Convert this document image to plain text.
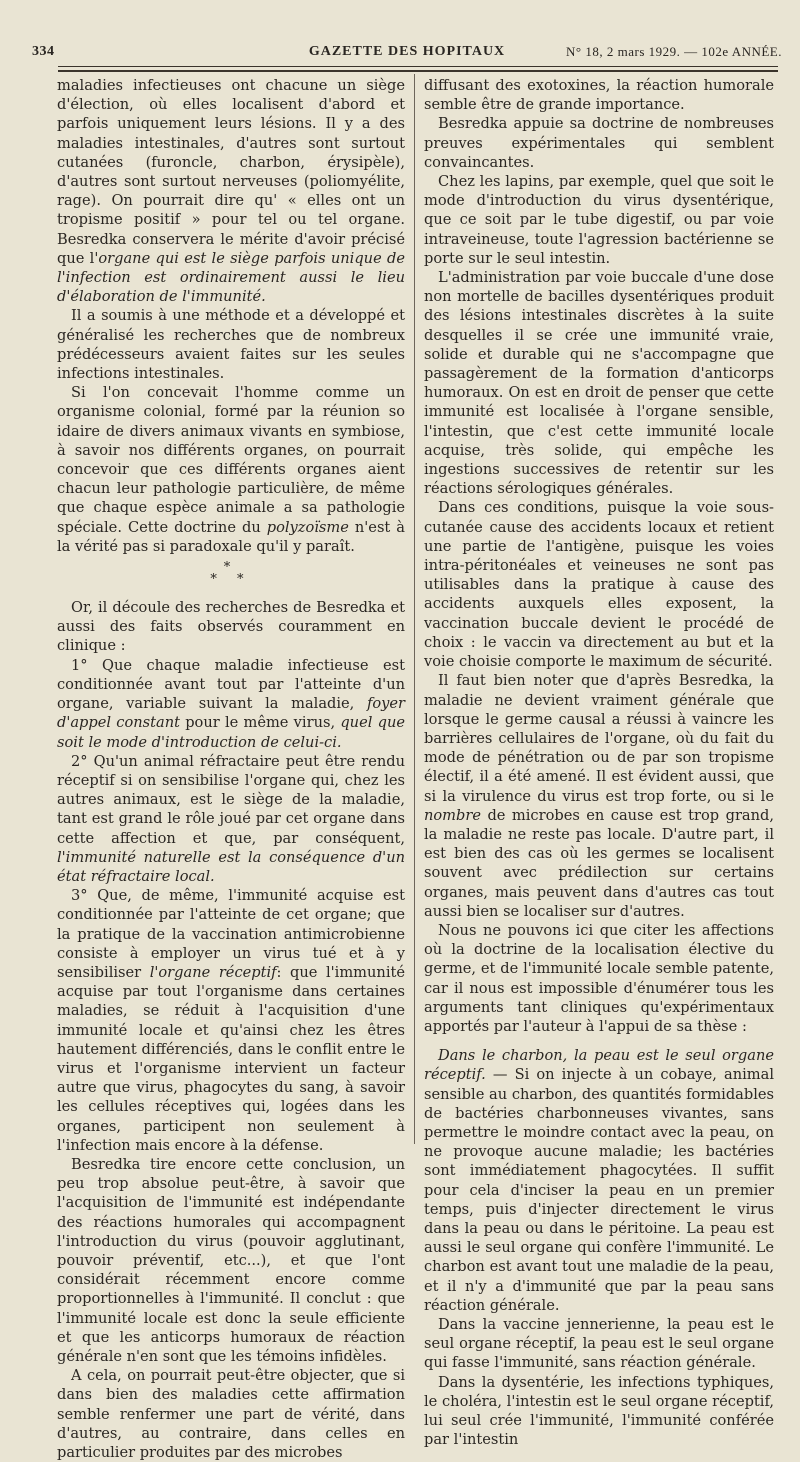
334	GAZETTE DES HOPITAUX	N° 18, 2 mars 1929. — 102e ANNÉE.

maladies infectieuses ont chacune un siège d'élection, où elles localisent d'abord et parfois uniquement leurs lésions. Il y a des maladies intestinales, d'autres sont surtout cutanées (furoncle, charbon, érysipèle), d'autres sont surtout nerveuses (poliomyélite, rage). On pourrait dire qu' « elles ont un tropisme positif » pour tel ou tel organe. Besredka conservera le mérite d'avoir précisé que l'organe qui est le siège parfois unique de l'infection est ordinairement aussi le lieu d'élaboration de l'immunité.

Il a soumis à une méthode et a développé et généralisé les recherches que de nombreux prédécesseurs avaient faites sur les seules infections intestinales.

Si l'on concevait l'homme comme un organisme colonial, formé par la réunion so idaire de divers animaux vivants en symbiose, à savoir nos différents organes, on pourrait concevoir que ces différents organes aient chacun leur pathologie particulière, de même que chaque espèce animale a sa pathologie spéciale. Cette doctrine du polyzoïsme n'est à la vérité pas si paradoxale qu'il y paraît.

*
* *

Or, il découle des recherches de Besredka et aussi des faits observés couramment en clinique :

1° Que chaque maladie infectieuse est conditionnée avant tout par l'atteinte d'un organe, variable suivant la maladie, foyer d'appel constant pour le même virus, quel que soit le mode d'introduction de celui-ci.

2° Qu'un animal réfractaire peut être rendu réceptif si on sensibilise l'organe qui, chez les autres animaux, est le siège de la maladie, tant est grand le rôle joué par cet organe dans cette affection et que, par conséquent, l'immunité naturelle est la conséquence d'un état réfractaire local.

3° Que, de même, l'immunité acquise est conditionnée par l'atteinte de cet organe; que la pratique de la vaccination antimicrobienne consiste à employer un virus tué et à y sensibiliser l'organe réceptif: que l'immunité acquise par tout l'organisme dans certaines maladies, se réduit à l'acquisition d'une immunité locale et qu'ainsi chez les êtres hautement différenciés, dans le conflit entre le virus et l'organisme intervient un facteur autre que virus, phagocytes du sang, à savoir les cellules réceptives qui, logées dans les organes, participent non seulement à l'infection mais encore à la défense.

Besredka tire encore cette conclusion, un peu trop absolue peut-être, à savoir que l'acquisition de l'immunité est indépendante des réactions humorales qui accompagnent l'introduction du virus (pouvoir agglutinant, pouvoir préventif, etc...), et que l'ont considérait récemment encore comme proportionnelles à l'immunité. Il conclut : que l'immunité locale est donc la seule efficiente et que les anticorps humoraux de réaction générale n'en sont que les témoins infidèles.

A cela, on pourrait peut-être objecter, que si dans bien des maladies cette affirmation semble renfermer une part de vérité, dans d'autres, au contraire, dans celles en particulier produites par des microbes

diffusant des exotoxines, la réaction humorale semble être de grande importance.

Besredka appuie sa doctrine de nombreuses preuves expérimentales qui semblent convaincantes.

Chez les lapins, par exemple, quel que soit le mode d'introduction du virus dysentérique, que ce soit par le tube digestif, ou par voie intraveineuse, toute l'agression bactérienne se porte sur le seul intestin.

L'administration par voie buccale d'une dose non mortelle de bacilles dysentériques produit des lésions intestinales discrètes à la suite desquelles il se crée une immunité vraie, solide et durable qui ne s'accompagne que passagèrement de la formation d'anticorps humoraux. On est en droit de penser que cette immunité est localisée à l'organe sensible, l'intestin, que c'est cette immunité locale acquise, très solide, qui empêche les ingestions successives de retentir sur les réactions sérologiques générales.

Dans ces conditions, puisque la voie sous-cutanée cause des accidents locaux et retient une partie de l'antigène, puisque les voies intra-péritonéales et veineuses ne sont pas utilisables dans la pratique à cause des accidents auxquels elles exposent, la vaccination buccale devient le procédé de choix : le vaccin va directement au but et la voie choisie comporte le maximum de sécurité.

Il faut bien noter que d'après Besredka, la maladie ne devient vraiment générale que lorsque le germe causal a réussi à vaincre les barrières cellulaires de l'organe, où du fait du mode de pénétration ou de par son tropisme électif, il a été amené. Il est évident aussi, que si la virulence du virus est trop forte, ou si le nombre de microbes en cause est trop grand, la maladie ne reste pas locale. D'autre part, il est bien des cas où les germes se localisent souvent avec prédilection sur certains organes, mais peuvent dans d'autres cas tout aussi bien se localiser sur d'autres.

Nous ne pouvons ici que citer les affections où la doctrine de la localisation élective du germe, et de l'immunité locale semble patente, car il nous est impossible d'énumérer tous les arguments tant cliniques qu'expérimentaux apportés par l'auteur à l'appui de sa thèse :

Dans le charbon, la peau est le seul organe réceptif. — Si on injecte à un cobaye, animal sensible au charbon, des quantités formidables de bactéries charbonneuses vivantes, sans permettre le moindre contact avec la peau, on ne provoque aucune maladie; les bactéries sont immédiatement phagocytées. Il suffit pour cela d'inciser la peau en un premier temps, puis d'injecter directement le virus dans la peau ou dans le péritoine. La peau est aussi le seul organe qui confère l'immunité. Le charbon est avant tout une maladie de la peau, et il n'y a d'immunité que par la peau sans réaction générale.

Dans la vaccine jennerienne, la peau est le seul organe réceptif, la peau est le seul organe qui fasse l'immunité, sans réaction générale.

Dans la dysentérie, les infections typhiques, le choléra, l'intestin est le seul organe réceptif, lui seul crée l'immunité, l'immunité conférée par l'intestin
